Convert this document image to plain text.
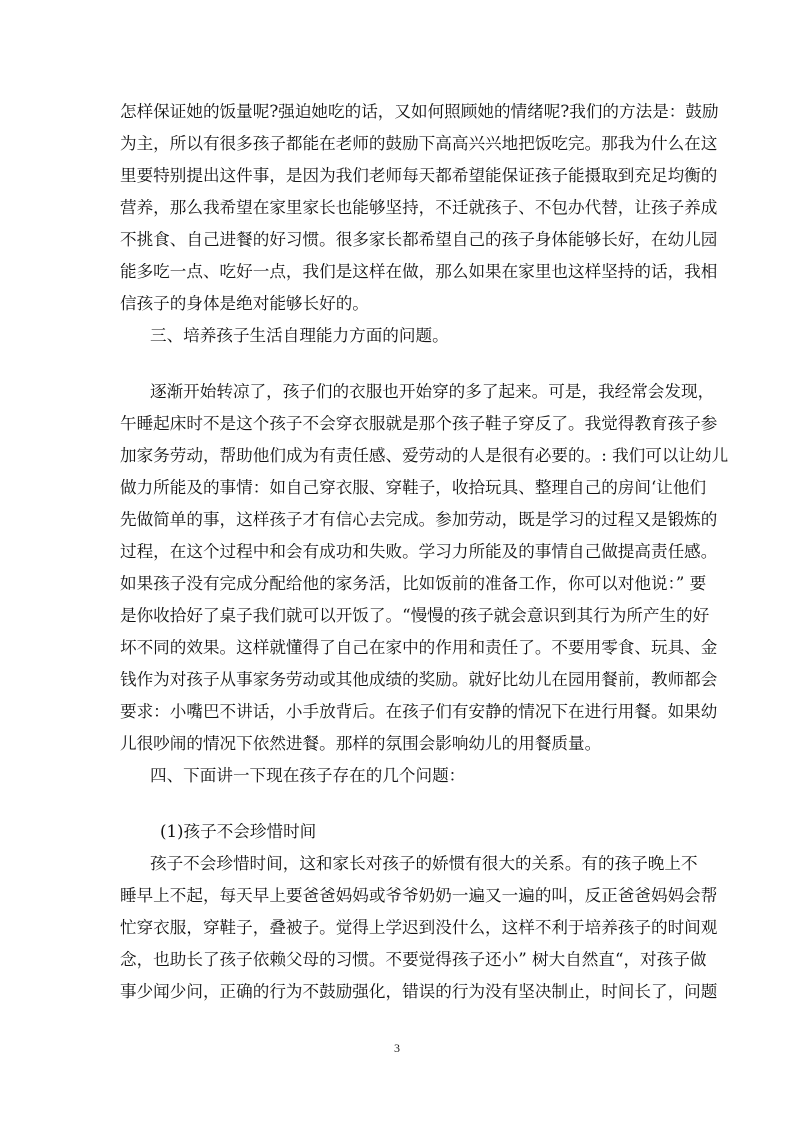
怎样保证她的饭量呢?强迫她吃的话，又如何照顾她的情绪呢?我们的方法是：鼓励
为主，所以有很多孩子都能在老师的鼓励下高高兴兴地把饭吃完。那我为什么在这
里要特别提出这件事，是因为我们老师每天都希望能保证孩子能摄取到充足均衡的
营养，那么我希望在家里家长也能够坚持，不迁就孩子、不包办代替，让孩子养成
不挑食、自己进餐的好习惯。很多家长都希望自己的孩子身体能够长好，在幼儿园
能多吃一点、吃好一点，我们是这样在做，那么如果在家里也这样坚持的话，我相
信孩子的身体是绝对能够长好的。
三、培养孩子生活自理能力方面的问题。
逐渐开始转凉了，孩子们的衣服也开始穿的多了起来。可是，我经常会发现，
午睡起床时不是这个孩子不会穿衣服就是那个孩子鞋子穿反了。我觉得教育孩子参
加家务劳动，帮助他们成为有责任感、爱劳动的人是很有必要的。: 我们可以让幼儿
做力所能及的事情：如自己穿衣服、穿鞋子，收拾玩具、整理自己的房间‘让他们
先做简单的事，这样孩子才有信心去完成。参加劳动，既是学习的过程又是锻炼的
过程，在这个过程中和会有成功和失败。学习力所能及的事情自己做提高责任感。
如果孩子没有完成分配给他的家务活，比如饭前的准备工作，你可以对他说：” 要
是你收拾好了桌子我们就可以开饭了。“慢慢的孩子就会意识到其行为所产生的好
坏不同的效果。这样就懂得了自己在家中的作用和责任了。不要用零食、玩具、金
钱作为对孩子从事家务劳动或其他成绩的奖励。就好比幼儿在园用餐前，教师都会
要求：小嘴巴不讲话，小手放背后。在孩子们有安静的情况下在进行用餐。如果幼
儿很吵闹的情况下依然进餐。那样的氛围会影响幼儿的用餐质量。
四、下面讲一下现在孩子存在的几个问题：
(1)孩子不会珍惜时间
孩子不会珍惜时间，这和家长对孩子的娇惯有很大的关系。有的孩子晚上不
睡早上不起，每天早上要爸爸妈妈或爷爷奶奶一遍又一遍的叫，反正爸爸妈妈会帮
忙穿衣服，穿鞋子，叠被子。觉得上学迟到没什么，这样不利于培养孩子的时间观
念，也助长了孩子依赖父母的习惯。不要觉得孩子还小” 树大自然直“，对孩子做
事少闻少问，正确的行为不鼓励强化，错误的行为没有坚决制止，时间长了，问题
3
